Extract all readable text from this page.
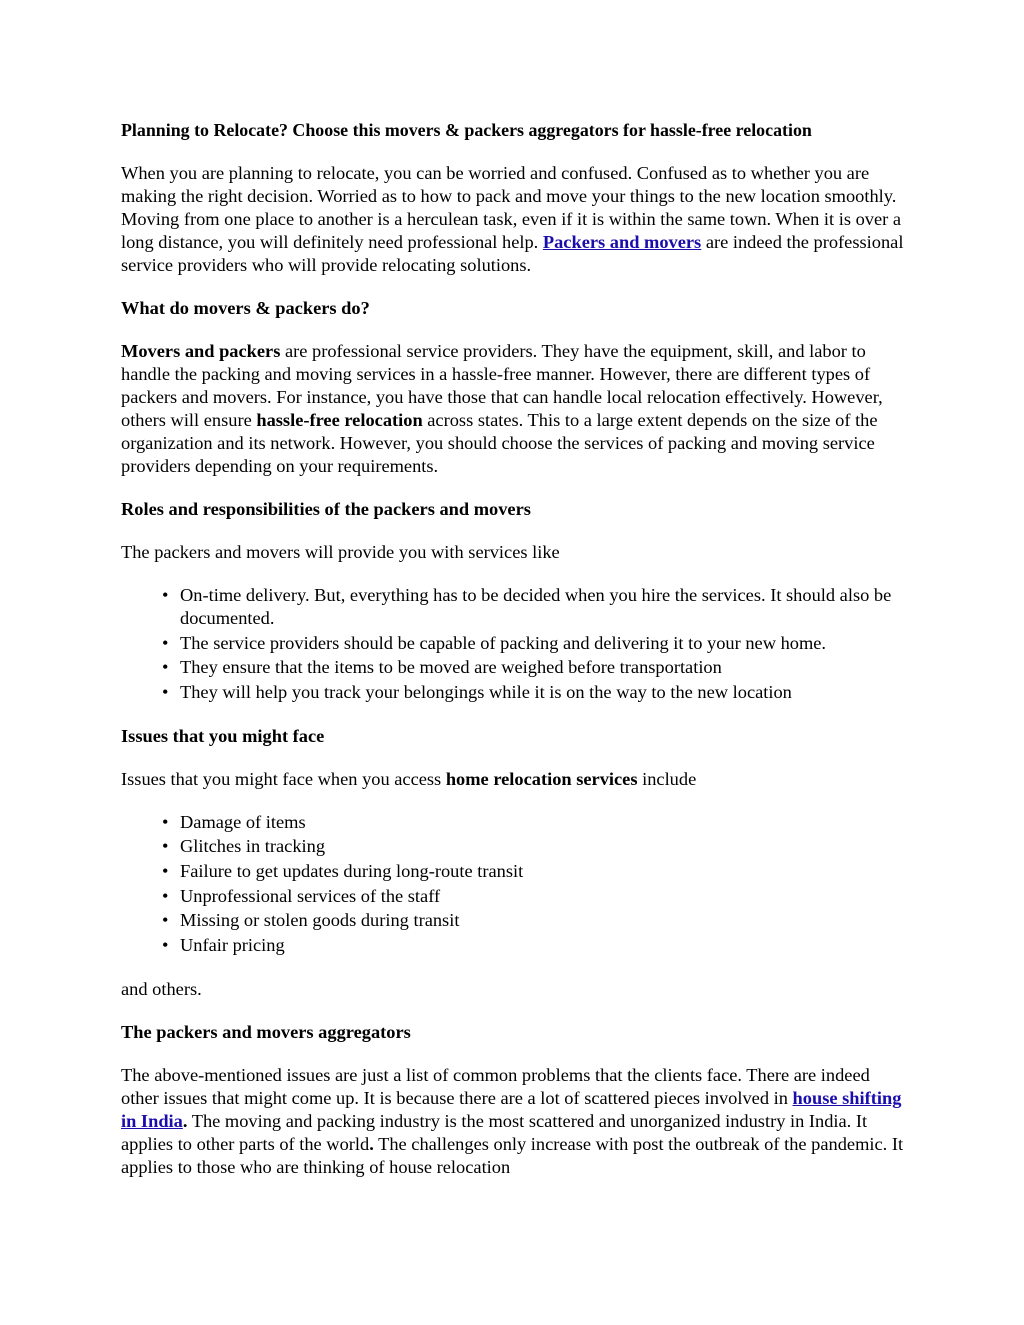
Planning to Relocate? Choose this movers & packers aggregators for hassle-free relocation

When you are planning to relocate, you can be worried and confused. Confused as to whether you are making the right decision. Worried as to how to pack and move your things to the new location smoothly. Moving from one place to another is a herculean task, even if it is within the same town. When it is over a long distance, you will definitely need professional help. Packers and movers are indeed the professional service providers who will provide relocating solutions.

What do movers & packers do?

Movers and packers are professional service providers. They have the equipment, skill, and labor to handle the packing and moving services in a hassle-free manner. However, there are different types of packers and movers. For instance, you have those that can handle local relocation effectively. However, others will ensure hassle-free relocation across states. This to a large extent depends on the size of the organization and its network. However, you should choose the services of packing and moving service providers depending on your requirements.

Roles and responsibilities of the packers and movers

The packers and movers will provide you with services like

• On-time delivery. But, everything has to be decided when you hire the services. It should also be documented.
• The service providers should be capable of packing and delivering it to your new home.
• They ensure that the items to be moved are weighed before transportation
• They will help you track your belongings while it is on the way to the new location

Issues that you might face

Issues that you might face when you access home relocation services include

• Damage of items
• Glitches in tracking
• Failure to get updates during long-route transit
• Unprofessional services of the staff
• Missing or stolen goods during transit
• Unfair pricing

and others.

The packers and movers aggregators

The above-mentioned issues are just a list of common problems that the clients face. There are indeed other issues that might come up. It is because there are a lot of scattered pieces involved in house shifting in India. The moving and packing industry is the most scattered and unorganized industry in India. It applies to other parts of the world. The challenges only increase with post the outbreak of the pandemic. It applies to those who are thinking of house relocation
